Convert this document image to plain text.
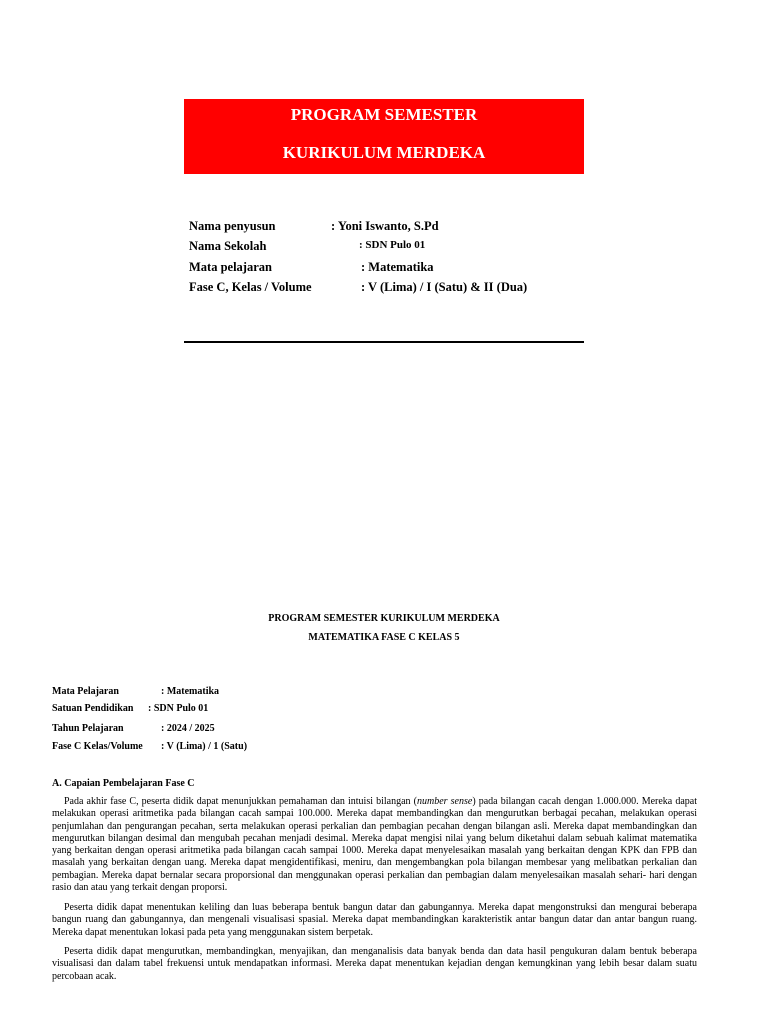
PROGRAM SEMESTER
KURIKULUM MERDEKA
Nama penyusun	: Yoni Iswanto, S.Pd
Nama Sekolah	: SDN Pulo 01
Mata pelajaran	: Matematika
Fase C, Kelas / Volume	: V (Lima) / I (Satu) & II (Dua)
PROGRAM SEMESTER KURIKULUM MERDEKA
MATEMATIKA FASE C KELAS 5
Mata Pelajaran	: Matematika
Satuan Pendidikan : SDN Pulo 01
Tahun Pelajaran	: 2024 / 2025
Fase C Kelas/Volume : V (Lima) / 1 (Satu)
A. Capaian Pembelajaran Fase C

Pada akhir fase C, peserta didik dapat menunjukkan pemahaman dan intuisi bilangan (number sense) pada bilangan cacah dengan 1.000.000. Mereka dapat melakukan operasi aritmetika pada bilangan cacah sampai 100.000. Mereka dapat membandingkan dan mengurutkan berbagai pecahan, melakukan operasi penjumlahan dan pengurangan pecahan, serta melakukan operasi perkalian dan pembagian pecahan dengan bilangan asli. Mereka dapat membandingkan dan mengurutkan bilangan desimal dan mengubah pecahan menjadi desimal. Mereka dapat mengisi nilai yang belum diketahui dalam sebuah kalimat matematika yang berkaitan dengan operasi aritmetika pada bilangan cacah sampai 1000. Mereka dapat menyelesaikan masalah yang berkaitan dengan KPK dan FPB dan masalah yang berkaitan dengan uang. Mereka dapat mengidentifikasi, meniru, dan mengembangkan pola bilangan membesar yang melibatkan perkalian dan pembagian. Mereka dapat bernalar secara proporsional dan menggunakan operasi perkalian dan pembagian dalam menyelesaikan masalah sehari- hari dengan rasio dan atau yang terkait dengan proporsi.

Peserta didik dapat menentukan keliling dan luas beberapa bentuk bangun datar dan gabungannya. Mereka dapat mengonstruksi dan mengurai beberapa bangun ruang dan gabungannya, dan mengenali visualisasi spasial. Mereka dapat membandingkan karakteristik antar bangun datar dan antar bangun ruang. Mereka dapat menentukan lokasi pada peta yang menggunakan sistem berpetak.

Peserta didik dapat mengurutkan, membandingkan, menyajikan, dan menganalisis data banyak benda dan data hasil pengukuran dalam bentuk beberapa visualisasi dan dalam tabel frekuensi untuk mendapatkan informasi. Mereka dapat menentukan kejadian dengan kemungkinan yang lebih besar dalam suatu percobaan acak.
